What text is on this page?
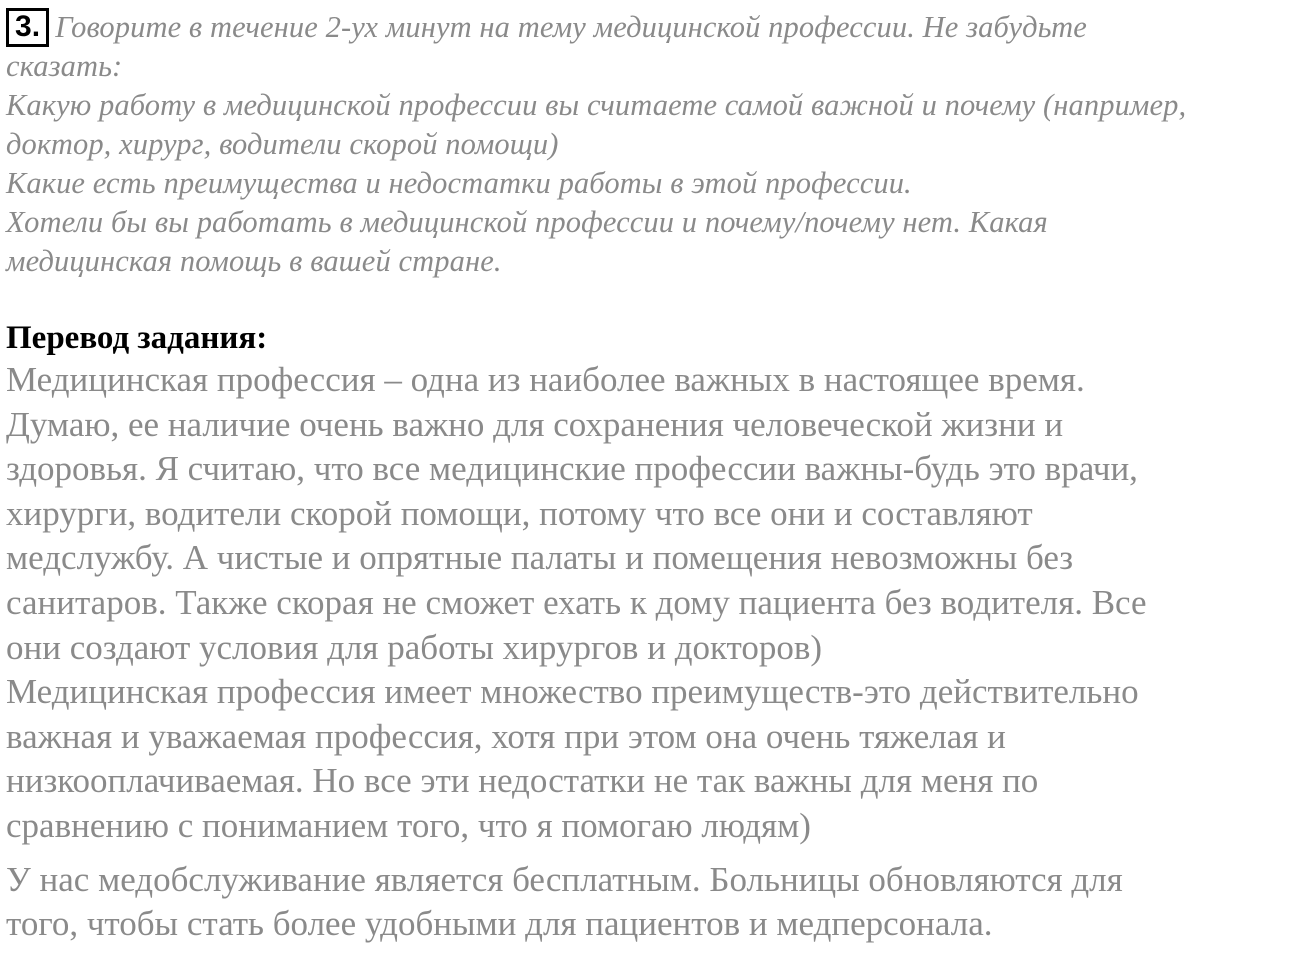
3. Говорите в течение 2-ух минут на тему медицинской профессии. Не забудьте
сказать:
Какую работу в медицинской профессии вы считаете самой важной и почему (например,
доктор, хирург, водители скорой помощи)
Какие есть преимущества и недостатки работы в этой профессии.
Хотели бы вы работать в медицинской профессии и почему/почему нет. Какая
медицинская помощь в вашей стране.
Перевод задания:
Медицинская профессия – одна из наиболее важных в настоящее время.
Думаю, ее наличие очень важно для сохранения человеческой жизни и
здоровья. Я считаю, что все медицинские профессии важны-будь это врачи,
хирурги, водители скорой помощи, потому что все они и составляют
медслужбу. А чистые и опрятные палаты и помещения невозможны без
санитаров. Также скорая не сможет ехать к дому пациента без водителя. Все
они создают условия для работы хирургов и докторов)
Медицинская профессия имеет множество преимуществ-это действительно
важная и уважаемая профессия, хотя при этом она очень тяжелая и
низкооплачиваемая. Но все эти недостатки не так важны для меня по
сравнению с пониманием того, что я помогаю людям)
У нас медобслуживание является бесплатным. Больницы обновляются для
того, чтобы стать более удобными для пациентов и медперсонала.
